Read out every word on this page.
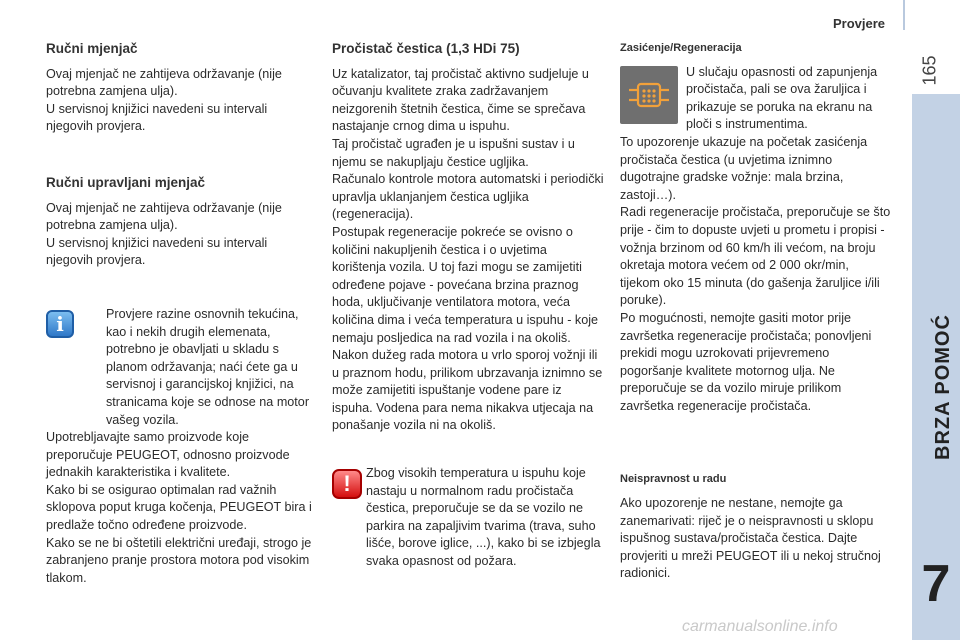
Provjere
165
BRZA POMOĆ
7
Ručni mjenjač

Ovaj mjenjač ne zahtijeva održavanje (nije potrebna zamjena ulja).

U servisnoj knjižici navedeni su intervali njegovih provjera.

Ručni upravljani mjenjač

Ovaj mjenjač ne zahtijeva održavanje (nije potrebna zamjena ulja).

U servisnoj knjižici navedeni su intervali njegovih provjera.

i	Provjere razine osnovnih tekućina, kao i nekih drugih elemenata, potrebno je obavljati u skladu s planom održavanja; naći ćete ga u servisnoj i garancijskoj knjižici, na stranicama koje se odnose na motor vašeg vozila.

Upotrebljavajte samo proizvode koje preporučuje PEUGEOT, odnosno proizvode jednakih karakteristika i kvalitete.

Kako bi se osigurao optimalan rad važnih sklopova poput kruga kočenja, PEUGEOT bira i predlaže točno određene proizvode.

Kako se ne bi oštetili električni uređaji, strogo je zabranjeno pranje prostora motora pod visokim tlakom.

Pročistač čestica (1,3 HDi 75)

Uz katalizator, taj pročistač aktivno sudjeluje u očuvanju kvalitete zraka zadržavanjem neizgorenih štetnih čestica, čime se sprečava nastajanje crnog dima u ispuhu.

Taj pročistač ugrađen je u ispušni sustav i u njemu se nakupljaju čestice ugljika.

Računalo kontrole motora automatski i periodički upravlja uklanjanjem čestica ugljika (regeneracija).

Postupak regeneracije pokreće se ovisno o količini nakupljenih čestica i o uvjetima korištenja vozila. U toj fazi mogu se zamijetiti određene pojave - povećana brzina praznog hoda, uključivanje ventilatora motora, veća količina dima i veća temperatura u ispuhu - koje nemaju posljedica na rad vozila i na okoliš.

Nakon dužeg rada motora u vrlo sporoj vožnji ili u praznom hodu, prilikom ubrzavanja iznimno se može zamijetiti ispuštanje vodene pare iz ispuha. Vodena para nema nikakva utjecaja na ponašanje vozila ni na okoliš.

!	Zbog visokih temperatura u ispuhu koje nastaju u normalnom radu pročistača čestica, preporučuje se da se vozilo ne parkira na zapaljivim tvarima (trava, suho lišće, borove iglice, ...), kako bi se izbjegla svaka opasnost od požara.
Zasićenje/Regeneracija
U slučaju opasnosti od zapunjenja pročistača, pali se ova žaruljica i prikazuje se poruka na ekranu na ploči s instrumentima.

To upozorenje ukazuje na početak zasićenja pročistača čestica (u uvjetima iznimno dugotrajne gradske vožnje: mala brzina, zastoji…).

Radi regeneracije pročistača, preporučuje se što prije - čim to dopuste uvjeti u prometu i propisi - vožnja brzinom od 60 km/h ili većom, na broju okretaja motora većem od 2 000 okr/min, tijekom oko 15 minuta (do gašenja žaruljice i/ili poruke).

Po mogućnosti, nemojte gasiti motor prije završetka regeneracije pročistača; ponovljeni prekidi mogu uzrokovati prijevremeno pogoršanje kvalitete motornog ulja. Ne preporučuje se da vozilo miruje prilikom završetka regeneracije pročistača.

Neispravnost u radu

Ako upozorenje ne nestane, nemojte ga zanemarivati: riječ je o neispravnosti u sklopu ispušnog sustava/pročistača čestica. Dajte provjeriti u mreži PEUGEOT ili u nekoj stručnoj radionici.

carmanualsonline.info
